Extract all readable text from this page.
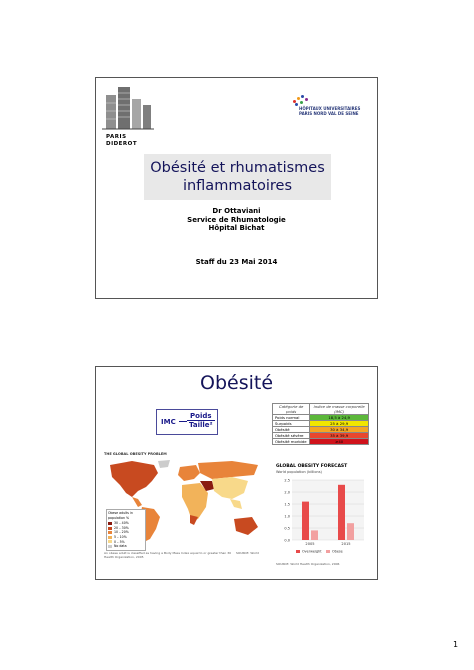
PARIS
DIDEROT
HÔPITAUX UNIVERSITAIRES
PARIS NORD VAL DE SEINE
Obésité et rhumatismes
inflammatoires
Dr Ottaviani
Service de Rhumatologie
Hôpital Bichat
Staff du 23 Mai 2014
Obésité
IMC
Poids
Taille²
Catégorie de poids	Indice de masse corporelle (IMC)
Poids normal	18,5 à 24,9
Surpoids	25 à 29,9
Obésité	30 à 34,9
Obésité sévère	35 à 39,9
Obésité morbide	≥40
THE GLOBAL OBESITY PROBLEM
Obese adults in population %
30 – 40%
20 – 30%
10 – 20%
5 – 10%
0 – 5%
No data
An obese adult is classified as having a Body Mass Index equal to or greater than 30 SOURCE: World Health Organization, 2005
GLOBAL OBESITY FORECAST
World population (billions)
0.0
0.5
1.0
1.5
2.0
2.5
2005	2015
Overweight	Obese
SOURCE: World Health Organization, 2006
1
